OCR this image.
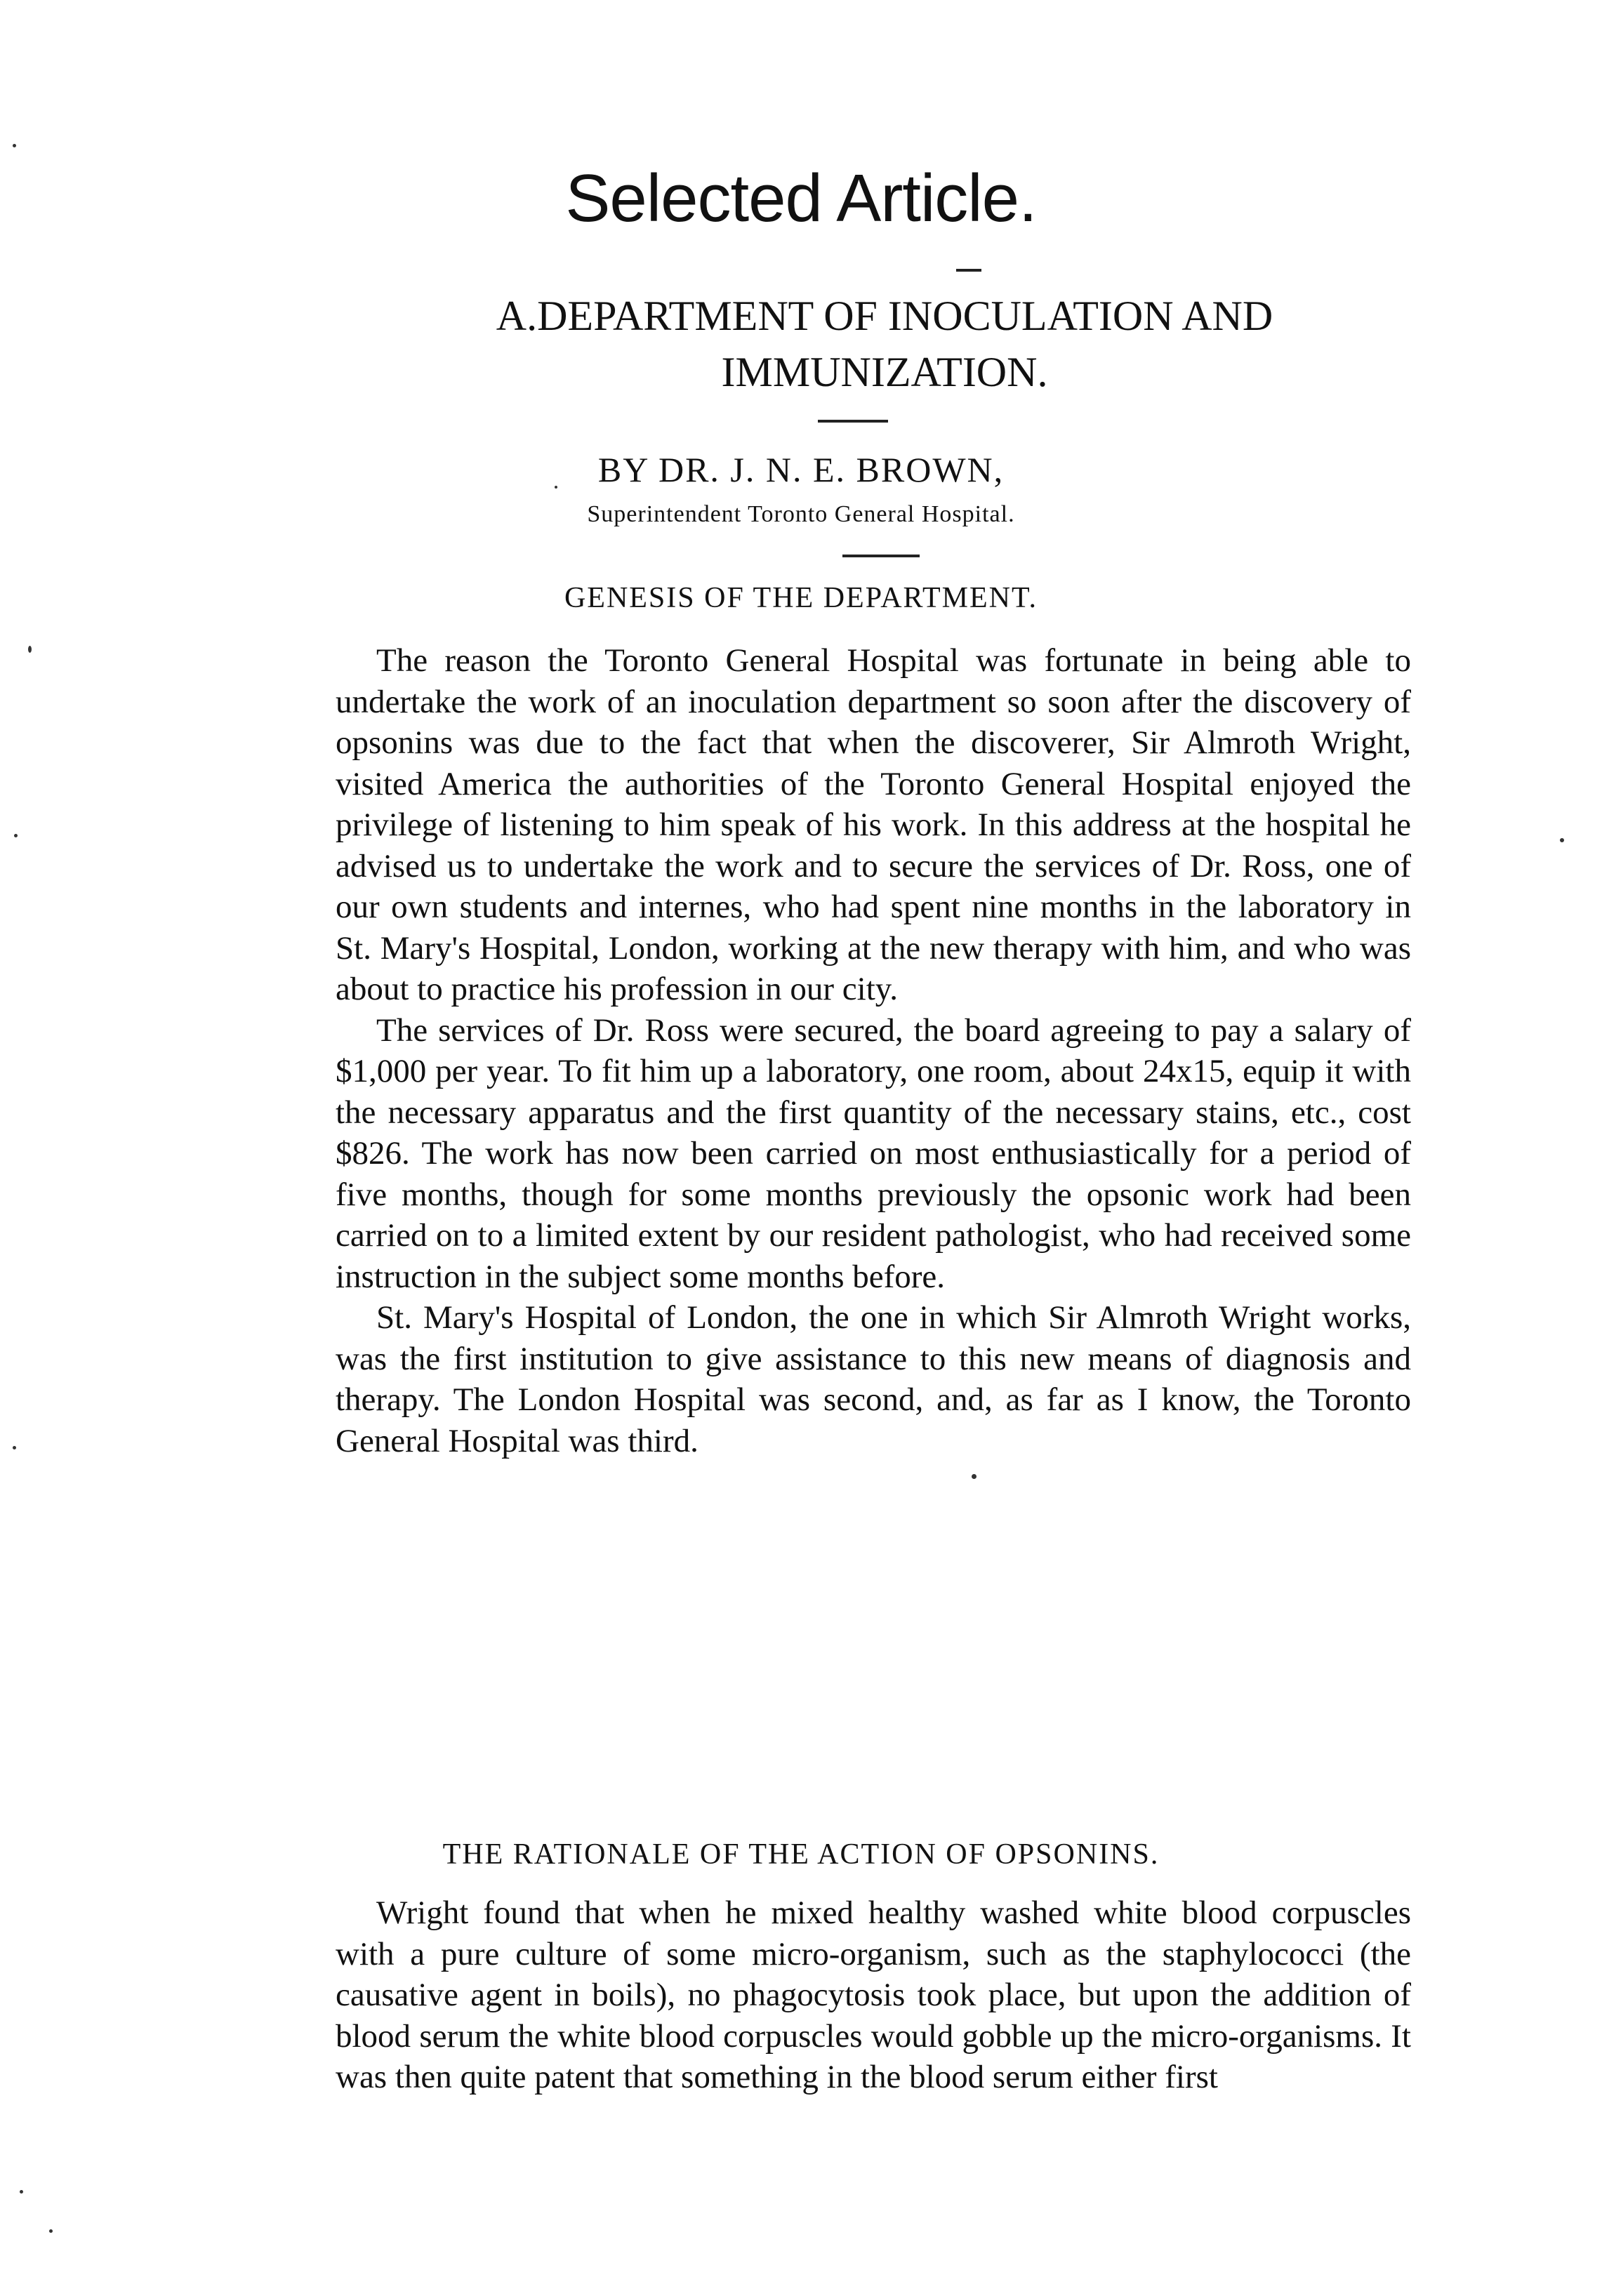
Selected Article.
A.DEPARTMENT OF INOCULATION AND IMMUNIZATION.
BY DR. J. N. E. BROWN,
Superintendent Toronto General Hospital.
GENESIS OF THE DEPARTMENT.

The reason the Toronto General Hospital was fortunate in being able to undertake the work of an inoculation department so soon after the discovery of opsonins was due to the fact that when the discoverer, Sir Almroth Wright, visited America the authorities of the Toronto General Hospital enjoyed the privilege of listening to him speak of his work. In this address at the hospital he advised us to undertake the work and to secure the services of Dr. Ross, one of our own students and internes, who had spent nine months in the laboratory in St. Mary's Hospital, London, working at the new therapy with him, and who was about to practice his profession in our city.

The services of Dr. Ross were secured, the board agreeing to pay a salary of $1,000 per year. To fit him up a laboratory, one room, about 24x15, equip it with the necessary apparatus and the first quantity of the necessary stains, etc., cost $826. The work has now been carried on most enthusiastically for a period of five months, though for some months previously the opsonic work had been carried on to a limited extent by our resident pathologist, who had received some instruction in the subject some months before.

St. Mary's Hospital of London, the one in which Sir Almroth Wright works, was the first institution to give assistance to this new means of diagnosis and therapy. The London Hospital was second, and, as far as I know, the Toronto General Hospital was third.

THE RATIONALE OF THE ACTION OF OPSONINS.

Wright found that when he mixed healthy washed white blood corpuscles with a pure culture of some micro-organism, such as the staphylococci (the causative agent in boils), no phagocytosis took place, but upon the addition of blood serum the white blood corpuscles would gobble up the micro-organisms. It was then quite patent that something in the blood serum either first
